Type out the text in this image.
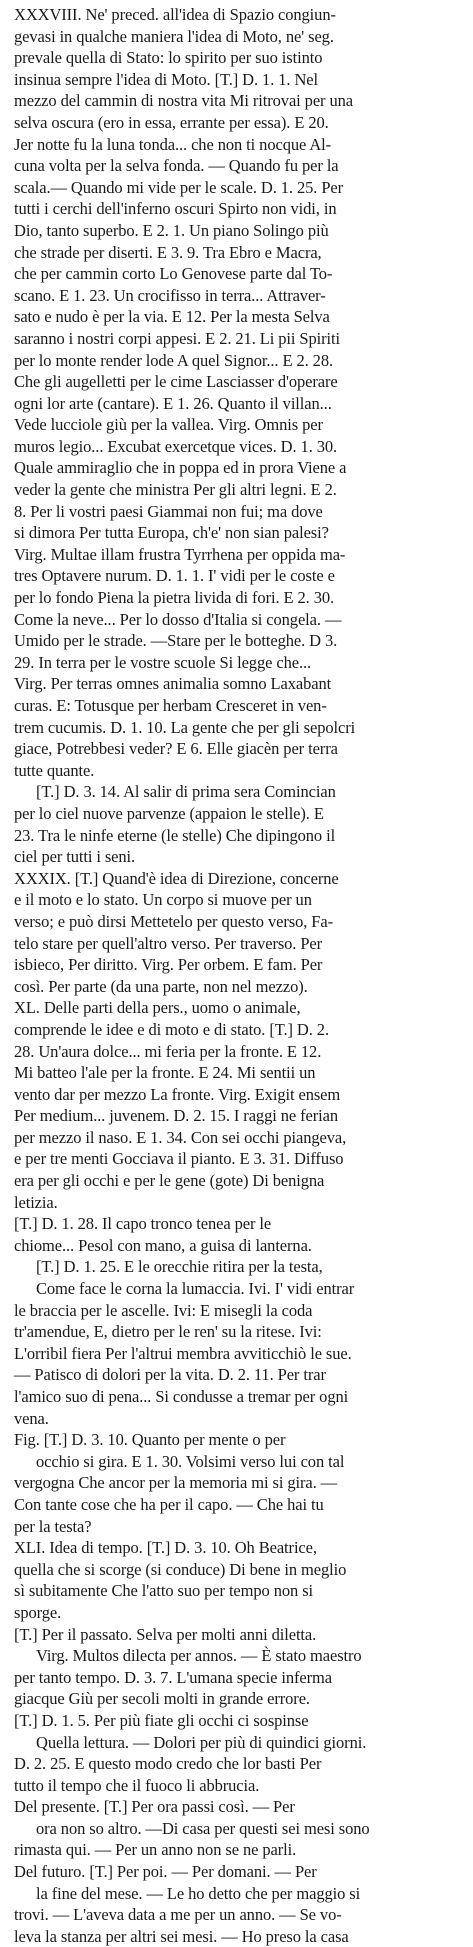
XXXVIII. Ne' preced. all'idea di Spazio congiun-
gevasi in qualche maniera l'idea di Moto, ne' seg.
prevale quella di Stato: lo spirito per suo istinto
insinua sempre l'idea di Moto. [T.] D. 1. 1. Nel
mezzo del cammin di nostra vita Mi ritrovai per una
selva oscura (ero in essa, errante per essa). E 20.
Jer notte fu la luna tonda... che non ti nocque Al-
cuna volta per la selva fonda. — Quando fu per la
scala.— Quando mi vide per le scale. D. 1. 25. Per
tutti i cerchi dell'inferno oscuri Spirto non vidi, in
Dio, tanto superbo. E 2. 1. Un piano Solingo più
che strade per diserti. E 3. 9. Tra Ebro e Macra,
che per cammin corto Lo Genovese parte dal To-
scano. E 1. 23. Un crocifisso in terra... Attraver-
sato e nudo è per la via. E 12. Per la mesta Selva
saranno i nostri corpi appesi. E 2. 21. Li pii Spiriti
per lo monte render lode A quel Signor... E 2. 28.
Che gli augelletti per le cime Lasciasser d'operare
ogni lor arte (cantare). E 1. 26. Quanto il villan...
Vede lucciole giù per la vallea. Virg. Omnis per
muros legio... Excubat exercetque vices. D. 1. 30.
Quale ammiraglio che in poppa ed in prora Viene a
veder la gente che ministra Per gli altri legni. E 2.
8. Per li vostri paesi Giammai non fui; ma dove
si dimora Per tutta Europa, ch'e' non sian palesi?
Virg. Multae illam frustra Tyrrhena per oppida ma-
tres Optavere nurum. D. 1. 1. I' vidi per le coste e
per lo fondo Piena la pietra livida di fori. E 2. 30.
Come la neve... Per lo dosso d'Italia si congela. —
Umido per le strade. —Stare per le botteghe. D 3.
29. In terra per le vostre scuole Si legge che...
Virg. Per terras omnes animalia somno Laxabant
curas. E: Totusque per herbam Cresceret in ven-
trem cucumis. D. 1. 10. La gente che per gli sepolcri
giace, Potrebbesi veder? E 6. Elle giacèn per terra
tutte quante.
[T.] D. 3. 14. Al salir di prima sera Comincian
per lo ciel nuove parvenze (appaion le stelle). E
23. Tra le ninfe eterne (le stelle) Che dipingono il
ciel per tutti i seni.
XXXIX. [T.] Quand'è idea di Direzione, concerne
e il moto e lo stato. Un corpo si muove per un
verso; e può dirsi Mettetelo per questo verso, Fa-
telo stare per quell'altro verso. Per traverso. Per
isbieco, Per diritto. Virg. Per orbem. E fam. Per
così. Per parte (da una parte, non nel mezzo).
XL. Delle parti della pers., uomo o animale,
comprende le idee e di moto e di stato. [T.] D. 2.
28. Un'aura dolce... mi feria per la fronte. E 12.
Mi batteo l'ale per la fronte. E 24. Mi sentii un
vento dar per mezzo La fronte. Virg. Exigit ensem
Per medium... juvenem. D. 2. 15. I raggi ne ferian
per mezzo il naso. E 1. 34. Con sei occhi piangeva,
e per tre menti Gocciava il pianto. E 3. 31. Diffuso
era per gli occhi e per le gene (gote) Di benigna
letizia.
[T.] D. 1. 28. Il capo tronco tenea per le
chiome... Pesol con mano, a guisa di lanterna.
[T.] D. 1. 25. E le orecchie ritira per la testa,
Come face le corna la lumaccia. Ivi. I' vidi entrar
le braccia per le ascelle. Ivi: E misegli la coda
tr'amendue, E, dietro per le ren' su la ritese. Ivi:
L'orribil fiera Per l'altrui membra avviticchiò le sue.
— Patisco di dolori per la vita. D. 2. 11. Per trar
l'amico suo di pena... Si condusse a tremar per ogni
vena.
Fig. [T.] D. 3. 10. Quanto per mente o per
occhio si gira. E 1. 30. Volsimi verso lui con tal
vergogna Che ancor per la memoria mi si gira. —
Con tante cose che ha per il capo. — Che hai tu
per la testa?
XLI. Idea di tempo. [T.] D. 3. 10. Oh Beatrice,
quella che si scorge (si conduce) Di bene in meglio
sì subitamente Che l'atto suo per tempo non si
sporge.
[T.] Per il passato. Selva per molti anni diletta.
Virg. Multos dilecta per annos. — È stato maestro
per tanto tempo. D. 3. 7. L'umana specie inferma
giacque Giù per secoli molti in grande errore.
[T.] D. 1. 5. Per più fiate gli occhi ci sospinse
Quella lettura. — Dolori per più di quindici giorni.
D. 2. 25. E questo modo credo che lor basti Per
tutto il tempo che il fuoco li abbrucia.
Del presente. [T.] Per ora passi così. — Per
ora non so altro. —Di casa per questi sei mesi sono
rimasta qui. — Per un anno non se ne parli.
Del futuro. [T.] Per poi. — Per domani. — Per
la fine del mese. — Le ho detto che per maggio si
trovi. — L'aveva data a me per un anno. — Se vo-
leva la stanza per altri sei mesi. — Ho preso la casa
